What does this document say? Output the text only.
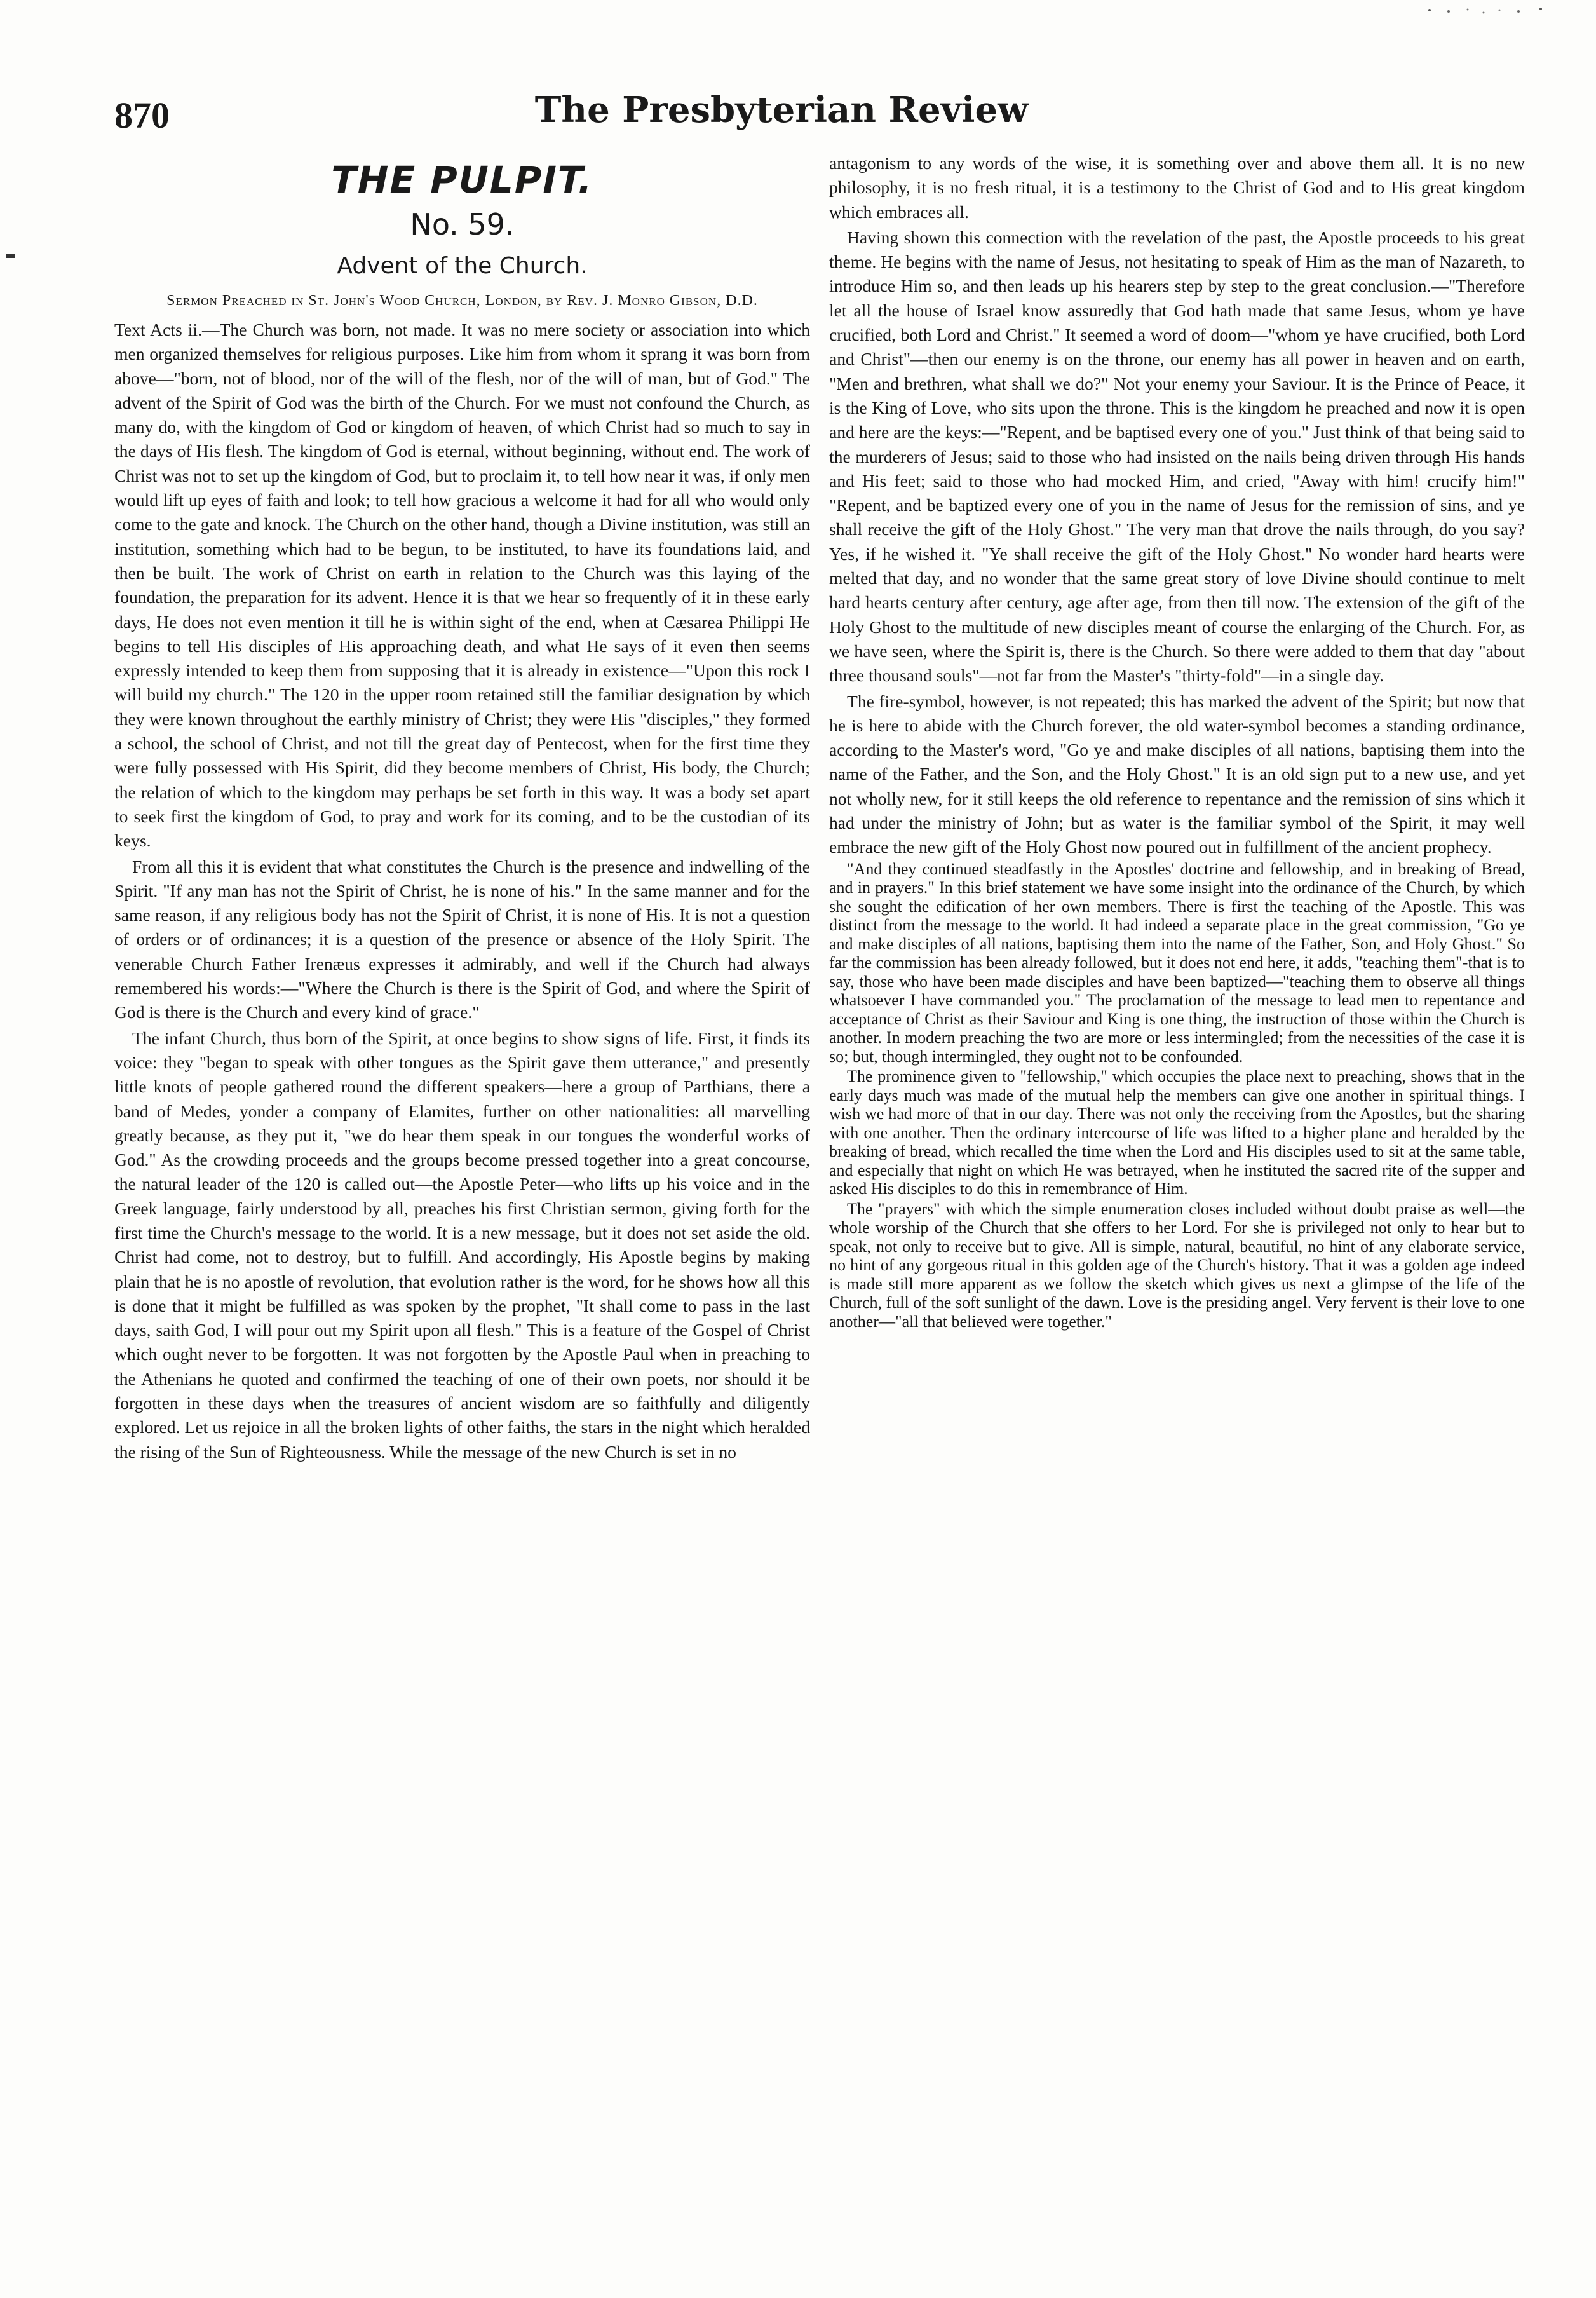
870	The Presbyterian Review
THE PULPIT.
No. 59.
Advent of the Church.
Sermon Preached in St. John's Wood Church, London, by Rev. J. Monro Gibson, D.D.

Text Acts ii.—The Church was born, not made. It was no mere society or association into which men organized themselves for religious purposes. Like him from whom it sprang it was born from above—"born, not of blood, nor of the will of the flesh, nor of the will of man, but of God." The advent of the Spirit of God was the birth of the Church. For we must not confound the Church, as many do, with the kingdom of God or kingdom of heaven, of which Christ had so much to say in the days of His flesh. The kingdom of God is eternal, without beginning, without end. The work of Christ was not to set up the kingdom of God, but to proclaim it, to tell how near it was, if only men would lift up eyes of faith and look; to tell how gracious a welcome it had for all who would only come to the gate and knock. The Church on the other hand, though a Divine institution, was still an institution, something which had to be begun, to be instituted, to have its foundations laid, and then be built. The work of Christ on earth in relation to the Church was this laying of the foundation, the preparation for its advent. Hence it is that we hear so frequently of it in these early days, He does not even mention it till he is within sight of the end, when at Cæsarea Philippi He begins to tell His disciples of His approaching death, and what He says of it even then seems expressly intended to keep them from supposing that it is already in existence—"Upon this rock I will build my church." The 120 in the upper room retained still the familiar designation by which they were known throughout the earthly ministry of Christ; they were His "disciples," they formed a school, the school of Christ, and not till the great day of Pentecost, when for the first time they were fully possessed with His Spirit, did they become members of Christ, His body, the Church; the relation of which to the kingdom may perhaps be set forth in this way. It was a body set apart to seek first the kingdom of God, to pray and work for its coming, and to be the custodian of its keys.

From all this it is evident that what constitutes the Church is the presence and indwelling of the Spirit. "If any man has not the Spirit of Christ, he is none of his." In the same manner and for the same reason, if any religious body has not the Spirit of Christ, it is none of His. It is not a question of orders or of ordinances; it is a question of the presence or absence of the Holy Spirit. The venerable Church Father Irenæus expresses it admirably, and well if the Church had always remembered his words:—"Where the Church is there is the Spirit of God, and where the Spirit of God is there is the Church and every kind of grace."

The infant Church, thus born of the Spirit, at once begins to show signs of life. First, it finds its voice: they "began to speak with other tongues as the Spirit gave them utterance," and presently little knots of people gathered round the different speakers—here a group of Parthians, there a band of Medes, yonder a company of Elamites, further on other nationalities: all marvelling greatly because, as they put it, "we do hear them speak in our tongues the wonderful works of God." As the crowding proceeds and the groups become pressed together into a great concourse, the natural leader of the 120 is called out—the Apostle Peter—who lifts up his voice and in the Greek language, fairly understood by all, preaches his first Christian sermon, giving forth for the first time the Church's message to the world. It is a new message, but it does not set aside the old. Christ had come, not to destroy, but to fulfill. And accordingly, His Apostle begins by making plain that he is no apostle of revolution, that evolution rather is the word, for he shows how all this is done that it might be fulfilled as was spoken by the prophet, "It shall come to pass in the last days, saith God, I will pour out my Spirit upon all flesh." This is a feature of the Gospel of Christ which ought never to be forgotten. It was not forgotten by the Apostle Paul when in preaching to the Athenians he quoted and confirmed the teaching of one of their own poets, nor should it be forgotten in these days when the treasures of ancient wisdom are so faithfully and diligently explored. Let us rejoice in all the broken lights of other faiths, the stars in the night which heralded the rising of the Sun of Righteousness. While the message of the new Church is set in no

antagonism to any words of the wise, it is something over and above them all. It is no new philosophy, it is no fresh ritual, it is a testimony to the Christ of God and to His great kingdom which embraces all.

Having shown this connection with the revelation of the past, the Apostle proceeds to his great theme. He begins with the name of Jesus, not hesitating to speak of Him as the man of Nazareth, to introduce Him so, and then leads up his hearers step by step to the great conclusion.—"Therefore let all the house of Israel know assuredly that God hath made that same Jesus, whom ye have crucified, both Lord and Christ." It seemed a word of doom—"whom ye have crucified, both Lord and Christ"—then our enemy is on the throne, our enemy has all power in heaven and on earth, "Men and brethren, what shall we do?" Not your enemy your Saviour. It is the Prince of Peace, it is the King of Love, who sits upon the throne. This is the kingdom he preached and now it is open and here are the keys:—"Repent, and be baptised every one of you." Just think of that being said to the murderers of Jesus; said to those who had insisted on the nails being driven through His hands and His feet; said to those who had mocked Him, and cried, "Away with him! crucify him!" "Repent, and be baptized every one of you in the name of Jesus for the remission of sins, and ye shall receive the gift of the Holy Ghost." The very man that drove the nails through, do you say? Yes, if he wished it. "Ye shall receive the gift of the Holy Ghost." No wonder hard hearts were melted that day, and no wonder that the same great story of love Divine should continue to melt hard hearts century after century, age after age, from then till now. The extension of the gift of the Holy Ghost to the multitude of new disciples meant of course the enlarging of the Church. For, as we have seen, where the Spirit is, there is the Church. So there were added to them that day "about three thousand souls"—not far from the Master's "thirty-fold"—in a single day.

The fire-symbol, however, is not repeated; this has marked the advent of the Spirit; but now that he is here to abide with the Church forever, the old water-symbol becomes a standing ordinance, according to the Master's word, "Go ye and make disciples of all nations, baptising them into the name of the Father, and the Son, and the Holy Ghost." It is an old sign put to a new use, and yet not wholly new, for it still keeps the old reference to repentance and the remission of sins which it had under the ministry of John; but as water is the familiar symbol of the Spirit, it may well embrace the new gift of the Holy Ghost now poured out in fulfillment of the ancient prophecy.

"And they continued steadfastly in the Apostles' doctrine and fellowship, and in breaking of Bread, and in prayers." In this brief statement we have some insight into the ordinance of the Church, by which she sought the edification of her own members. There is first the teaching of the Apostle. This was distinct from the message to the world. It had indeed a separate place in the great commission, "Go ye and make disciples of all nations, baptising them into the name of the Father, Son, and Holy Ghost." So far the commission has been already followed, but it does not end here, it adds, "teaching them"-that is to say, those who have been made disciples and have been baptized—"teaching them to observe all things whatsoever I have commanded you." The proclamation of the message to lead men to repentance and acceptance of Christ as their Saviour and King is one thing, the instruction of those within the Church is another. In modern preaching the two are more or less intermingled; from the necessities of the case it is so; but, though intermingled, they ought not to be confounded.

The prominence given to "fellowship," which occupies the place next to preaching, shows that in the early days much was made of the mutual help the members can give one another in spiritual things. I wish we had more of that in our day. There was not only the receiving from the Apostles, but the sharing with one another. Then the ordinary intercourse of life was lifted to a higher plane and heralded by the breaking of bread, which recalled the time when the Lord and His disciples used to sit at the same table, and especially that night on which He was betrayed, when he instituted the sacred rite of the supper and asked His disciples to do this in remembrance of Him.

The "prayers" with which the simple enumeration closes included without doubt praise as well—the whole worship of the Church that she offers to her Lord. For she is privileged not only to hear but to speak, not only to receive but to give. All is simple, natural, beautiful, no hint of any elaborate service, no hint of any gorgeous ritual in this golden age of the Church's history. That it was a golden age indeed is made still more apparent as we follow the sketch which gives us next a glimpse of the life of the Church, full of the soft sunlight of the dawn. Love is the presiding angel. Very fervent is their love to one another—"all that believed were together."
